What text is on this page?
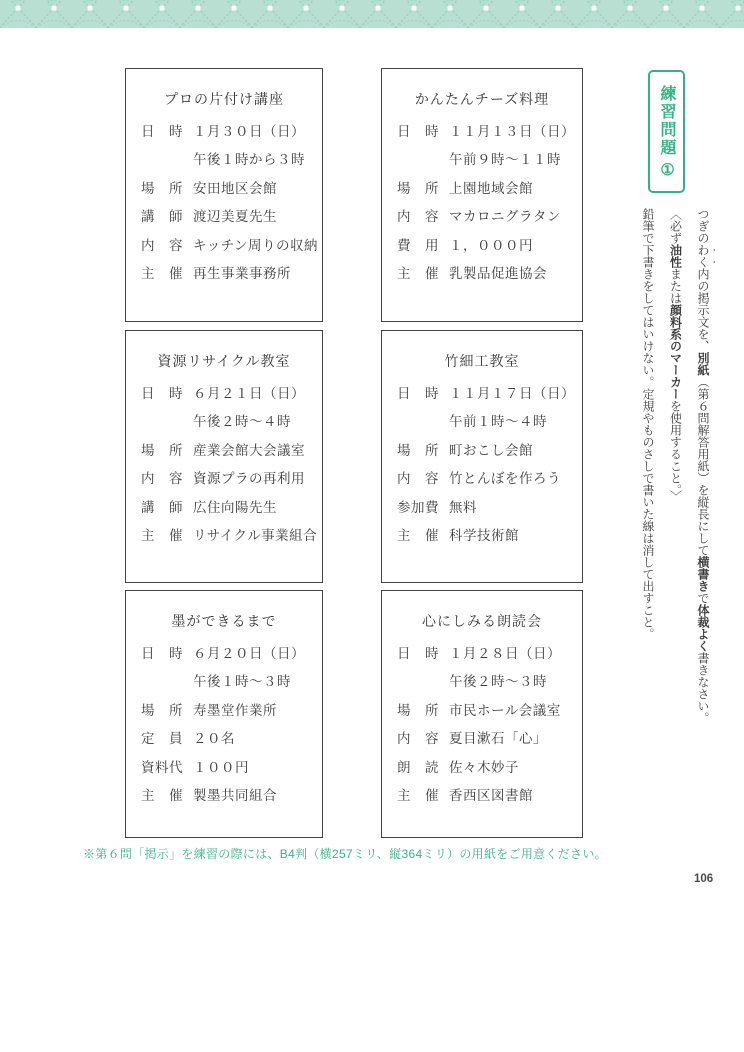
練習問題
①

つぎのわく内の掲示文を、別紙（第６問解答用紙）を縦長にして横書きで体裁よく書きなさい。

〈必ず油性または顔料系のマーカーを使用すること。〉

鉛筆で下書きをしてはいけない。定規やものさしで書いた線は消して出すこと。

プロの片付け講座
日　時 １月３０日（日）
午後１時から３時
場　所 安田地区会館
講　師 渡辺美夏先生
内　容 キッチン周りの収納
主　催 再生事業事務所
かんたんチーズ料理
日　時 １１月１３日（日）
午前９時～１１時
場　所 上園地域会館
内　容 マカロニグラタン
費　用 １，０００円
主　催 乳製品促進協会
資源リサイクル教室
日　時 ６月２１日（日）
午後２時～４時
場　所 産業会館大会議室
内　容 資源プラの再利用
講　師 広住向陽先生
主　催 リサイクル事業組合
竹細工教室
日　時 １１月１７日（日）
午前１時～４時
場　所 町おこし会館
内　容 竹とんぼを作ろう
参加費 無料
主　催 科学技術館
墨ができるまで
日　時 ６月２０日（日）
午後１時～３時
場　所 寿墨堂作業所
定　員 ２０名
資料代 １００円
主　催 製墨共同組合
心にしみる朗読会
日　時 １月２８日（日）
午後２時～３時
場　所 市民ホール会議室
内　容 夏目漱石「心」
朗　読 佐々木妙子
主　催 香西区図書館
※第６問「掲示」を練習の際には、B4判（横257ミリ、縦364ミリ）の用紙をご用意ください。
106
